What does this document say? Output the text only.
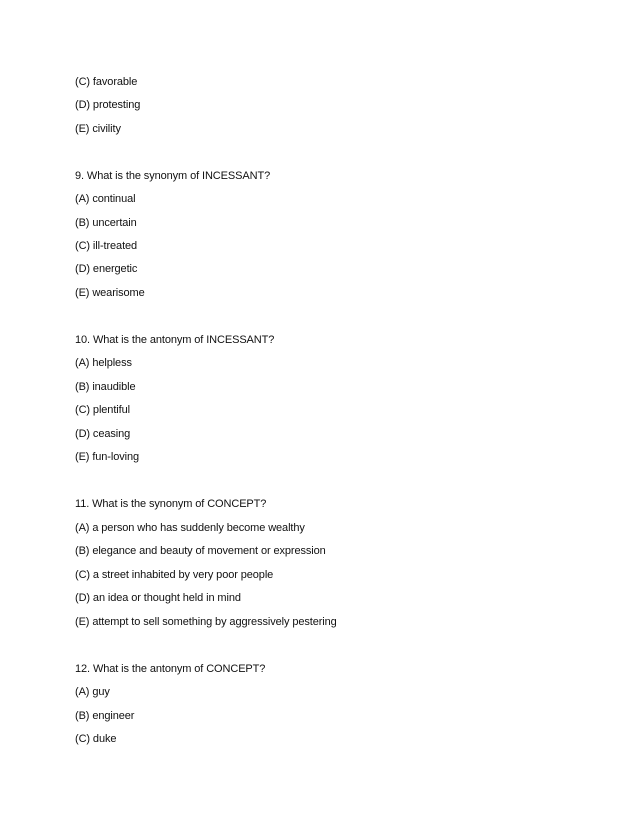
(C) favorable
(D) protesting
(E) civility
9. What is the synonym of INCESSANT?
(A) continual
(B) uncertain
(C) ill-treated
(D) energetic
(E) wearisome
10. What is the antonym of INCESSANT?
(A) helpless
(B) inaudible
(C) plentiful
(D) ceasing
(E) fun-loving
11. What is the synonym of CONCEPT?
(A) a person who has suddenly become wealthy
(B) elegance and beauty of movement or expression
(C) a street inhabited by very poor people
(D) an idea or thought held in mind
(E) attempt to sell something by aggressively pestering
12. What is the antonym of CONCEPT?
(A) guy
(B) engineer
(C) duke
